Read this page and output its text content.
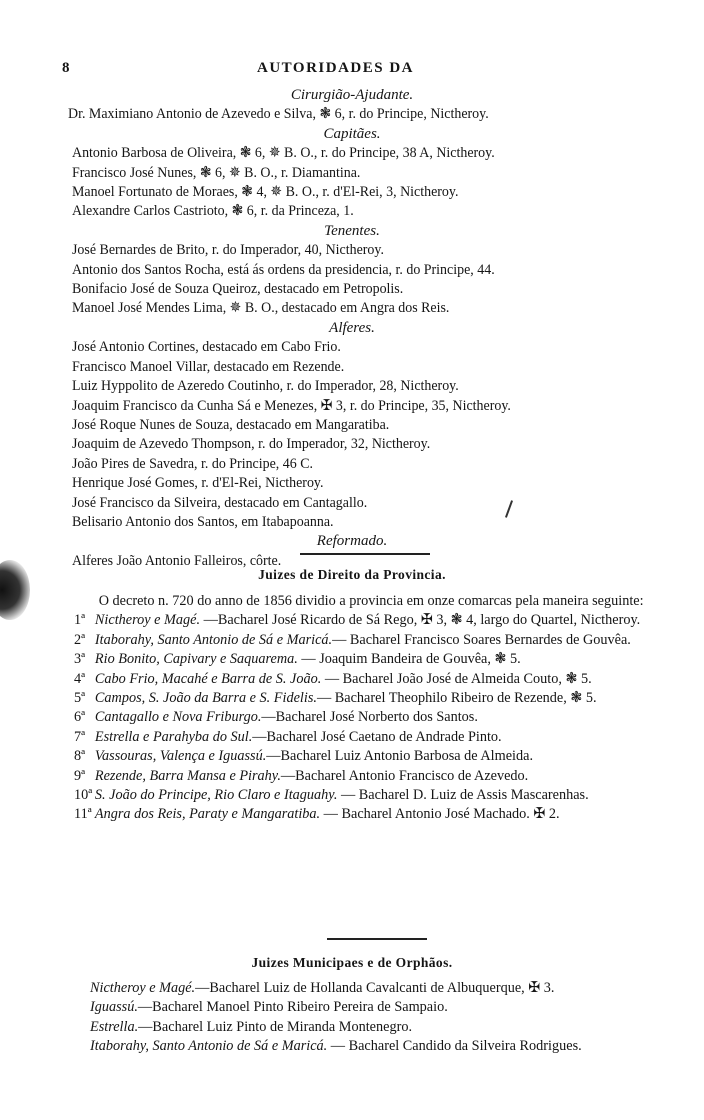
8	AUTORIDADES DA
Cirurgião-Ajudante.
Dr. Maximiano Antonio de Azevedo e Silva, ❃ 6, r. do Principe, Nictheroy.
Capitães.
Antonio Barbosa de Oliveira, ❃ 6, ✵ B. O., r. do Principe, 38 A, Nictheroy.
Francisco José Nunes, ❃ 6, ✵ B. O., r. Diamantina.
Manoel Fortunato de Moraes, ❃ 4, ✵ B. O., r. d'El-Rei, 3, Nictheroy.
Alexandre Carlos Castrioto, ❃ 6, r. da Princeza, 1.
Tenentes.
José Bernardes de Brito, r. do Imperador, 40, Nictheroy.
Antonio dos Santos Rocha, está ás ordens da presidencia, r. do Principe, 44.
Bonifacio José de Souza Queiroz, destacado em Petropolis.
Manoel José Mendes Lima, ✵ B. O., destacado em Angra dos Reis.
Alferes.
José Antonio Cortines, destacado em Cabo Frio.
Francisco Manoel Villar, destacado em Rezende.
Luiz Hyppolito de Azeredo Coutinho, r. do Imperador, 28, Nictheroy.
Joaquim Francisco da Cunha Sá e Menezes, ✠ 3, r. do Principe, 35, Nictheroy.
José Roque Nunes de Souza, destacado em Mangaratiba.
Joaquim de Azevedo Thompson, r. do Imperador, 32, Nictheroy.
João Pires de Savedra, r. do Principe, 46 C.
Henrique José Gomes, r. d'El-Rei, Nictheroy.
José Francisco da Silveira, destacado em Cantagallo.
Belisario Antonio dos Santos, em Itabapoanna.
Reformado.
Alferes João Antonio Falleiros, côrte.
Juizes de Direito da Provincia.
O decreto n. 720 do anno de 1856 dividio a provincia em onze comarcas pela maneira seguinte:
1ª Nictheroy e Magé. —Bacharel José Ricardo de Sá Rego, ✠ 3, ❃ 4, largo do Quartel, Nictheroy.
2ª Itaborahy, Santo Antonio de Sá e Maricá.— Bacharel Francisco Soares Bernardes de Gouvêa.
3ª Rio Bonito, Capivary e Saquarema. — Joaquim Bandeira de Gouvêa, ❃ 5.
4ª Cabo Frio, Macahé e Barra de S. João. — Bacharel João José de Almeida Couto, ❃ 5.
5ª Campos, S. João da Barra e S. Fidelis.— Bacharel Theophilo Ribeiro de Rezende, ❃ 5.
6ª Cantagallo e Nova Friburgo.—Bacharel José Norberto dos Santos.
7ª Estrella e Parahyba do Sul.—Bacharel José Caetano de Andrade Pinto.
8ª Vassouras, Valença e Iguassú.—Bacharel Luiz Antonio Barbosa de Almeida.
9ª Rezende, Barra Mansa e Pirahy.—Bacharel Antonio Francisco de Azevedo.
10ª S. João do Principe, Rio Claro e Itaguahy. — Bacharel D. Luiz de Assis Mascarenhas.
11ª Angra dos Reis, Paraty e Mangaratiba. — Bacharel Antonio José Machado. ✠ 2.
Juizes Municipaes e de Orphãos.
Nictheroy e Magé.—Bacharel Luiz de Hollanda Cavalcanti de Albuquerque, ✠ 3.
Iguassú.—Bacharel Manoel Pinto Ribeiro Pereira de Sampaio.
Estrella.—Bacharel Luiz Pinto de Miranda Montenegro.
Itaborahy, Santo Antonio de Sá e Maricá. — Bacharel Candido da Silveira Rodrigues.
